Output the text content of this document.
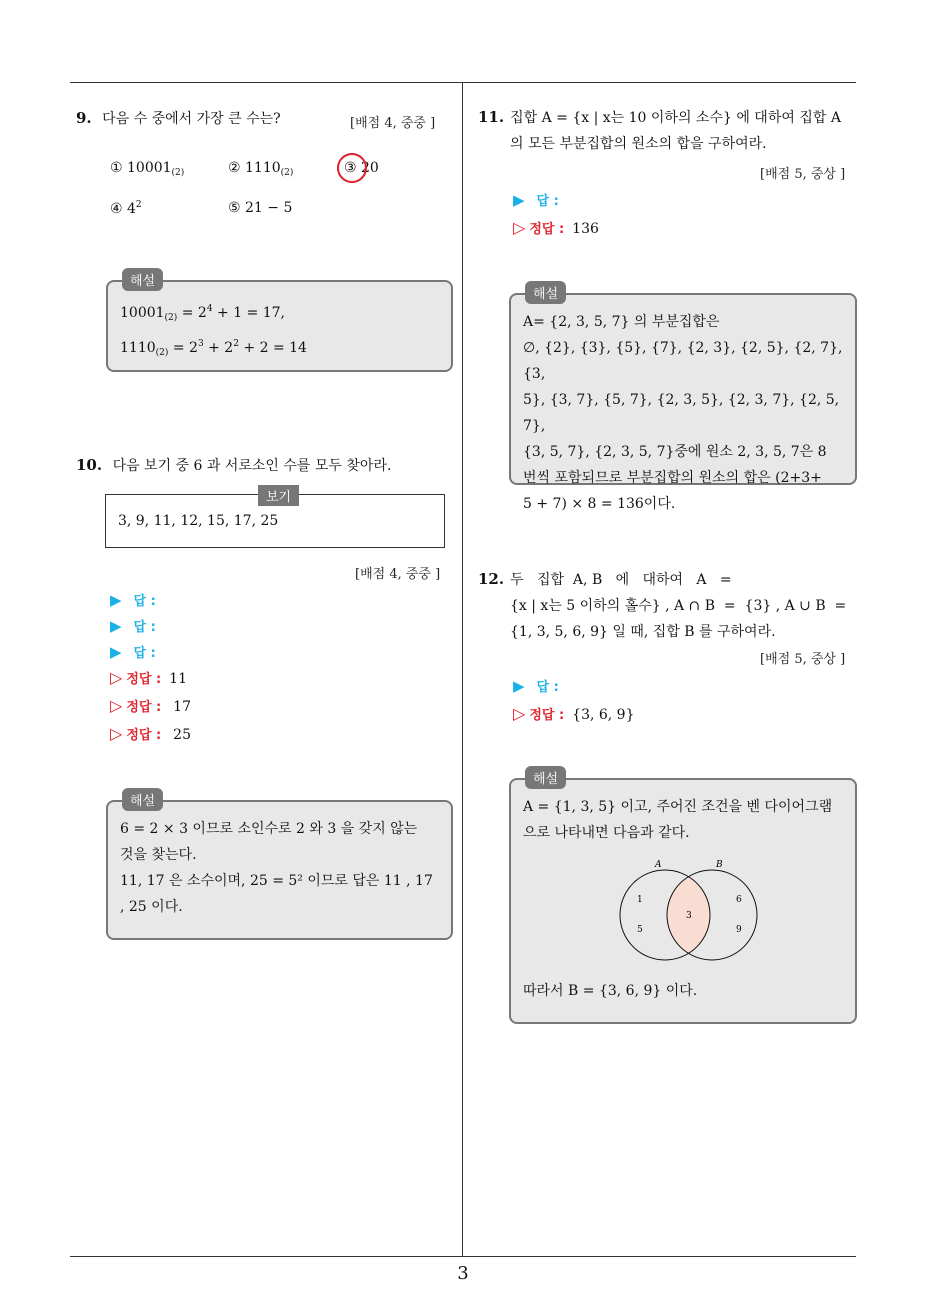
9. 다음 수 중에서 가장 큰 수는?	[배점 4, 중중 ]
① $10001_{(2)}$	② $1110_{(2)}$	③ 20
④ $4^2$	⑤ 21 − 5
해설
$10001_{(2)} = 2^4 + 1 = 17$,
$1110_{(2)} = 2^3 + 2^2 + 2 = 14$
10. 다음 보기 중 6 과 서로소인 수를 모두 찾아라.
보기
3, 9, 11, 12, 15, 17, 25
[배점 4, 중중 ]
▶ 답 :
▶ 답 :
▶ 답 :
▷ 정답 : 11
▷ 정답 : 17
▷ 정답 : 25
해설
6 = 2 × 3 이므로 소인수로 2 와 3 을 갖지 않는
것을 찾는다.
11, 17 은 소수이며, 25 = 5² 이므로 답은 11 , 17
, 25 이다.
11. 집합 A = {x | x는 10 이하의 소수} 에 대하여 집합 A
의 모든 부분집합의 원소의 합을 구하여라.
[배점 5, 중상 ]
▶ 답 :
▷ 정답 : 136
해설
A= {2, 3, 5, 7} 의 부분집합은
∅, {2}, {3}, {5}, {7}, {2, 3}, {2, 5}, {2, 7}, {3,
5}, {3, 7}, {5, 7}, {2, 3, 5}, {2, 3, 7}, {2, 5, 7},
{3, 5, 7}, {2, 3, 5, 7}중에 원소 2, 3, 5, 7은 8
번씩 포함되므로 부분집합의 원소의 합은 (2+3+
5 + 7) × 8 = 136이다.
12. 두   집합  A, B   에   대하여   A   =
{x | x는 5 이하의 홀수} , A ∩ B  =  {3} , A ∪ B  =
{1, 3, 5, 6, 9} 일 때, 집합 B 를 구하여라.
[배점 5, 중상 ]
▶ 답 :
▷ 정답 : {3, 6, 9}
해설
A = {1, 3, 5} 이고, 주어진 조건을 벤 다이어그램
으로 나타내면 다음과 같다.
A	B
1
5
3
6
9
따라서 B = {3, 6, 9} 이다.
3
